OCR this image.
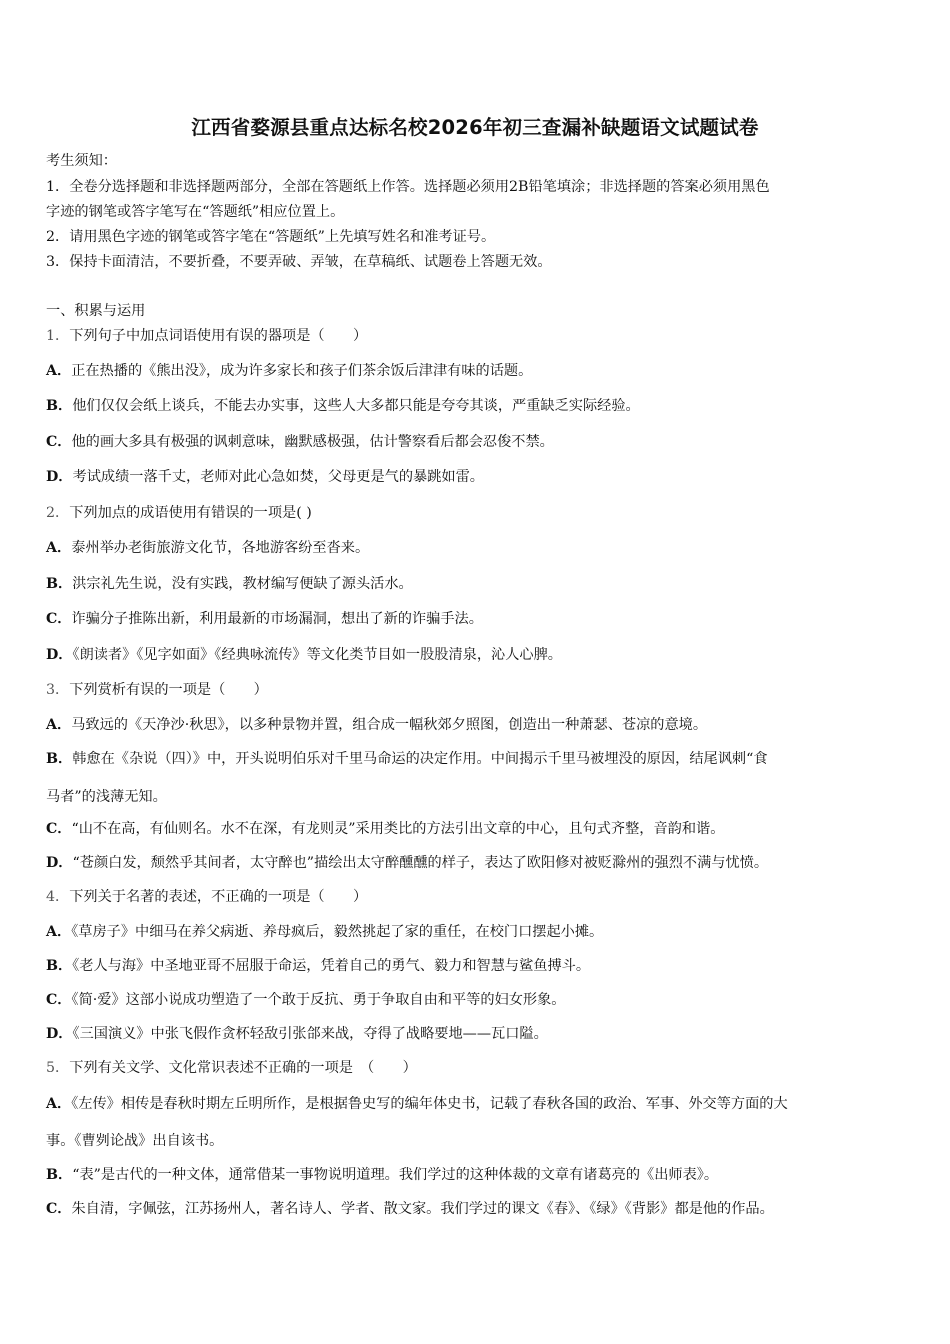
江西省婺源县重点达标名校2026年初三查漏补缺题语文试题试卷
考生须知：
1．全卷分选择题和非选择题两部分，全部在答题纸上作答。选择题必须用2B铅笔填涂；非选择题的答案必须用黑色
字迹的钢笔或答字笔写在“答题纸”相应位置上。
2．请用黑色字迹的钢笔或答字笔在“答题纸”上先填写姓名和准考证号。
3．保持卡面清洁，不要折叠，不要弄破、弄皱，在草稿纸、试题卷上答题无效。
一、积累与运用
1．下列句子中加点词语使用有误的器项是（　　）
A．正在热播的《熊出没》，成为许多家长和孩子们茶余饭后津津有味的话题。
B．他们仅仅会纸上谈兵，不能去办实事，这些人大多都只能是夸夸其谈，严重缺乏实际经验。
C．他的画大多具有极强的讽刺意味，幽默感极强，估计警察看后都会忍俊不禁。
D．考试成绩一落千丈，老师对此心急如焚，父母更是气的暴跳如雷。
2．下列加点的成语使用有错误的一项是( )
A．泰州举办老街旅游文化节，各地游客纷至沓来。
B．洪宗礼先生说，没有实践，教材编写便缺了源头活水。
C．诈骗分子推陈出新，利用最新的市场漏洞，想出了新的诈骗手法。
D．《朗读者》《见字如面》《经典咏流传》等文化类节目如一股股清泉，沁人心脾。
3．下列赏析有误的一项是（　　）
A．马致远的《天净沙·秋思》，以多种景物并置，组合成一幅秋郊夕照图，创造出一种萧瑟、苍凉的意境。
B．韩愈在《杂说（四）》中，开头说明伯乐对千里马命运的决定作用。中间揭示千里马被埋没的原因，结尾讽刺“食
马者”的浅薄无知。
C．“山不在高，有仙则名。水不在深，有龙则灵”采用类比的方法引出文章的中心，且句式齐整，音韵和谐。
D．“苍颜白发，颓然乎其间者，太守醉也”描绘出太守醉醺醺的样子，表达了欧阳修对被贬滁州的强烈不满与忧愤。
4．下列关于名著的表述，不正确的一项是（　　）
A．《草房子》中细马在养父病逝、养母疯后，毅然挑起了家的重任，在校门口摆起小摊。
B．《老人与海》中圣地亚哥不屈服于命运，凭着自己的勇气、毅力和智慧与鲨鱼搏斗。
C．《简·爱》这部小说成功塑造了一个敢于反抗、勇于争取自由和平等的妇女形象。
D．《三国演义》中张飞假作贪杯轻敌引张郃来战，夺得了战略要地——瓦口隘。
5．下列有关文学、文化常识表述不正确的一项是　（　　）
A．《左传》相传是春秋时期左丘明所作，是根据鲁史写的编年体史书，记载了春秋各国的政治、军事、外交等方面的大
事。《曹刿论战》出自该书。
B．“表”是古代的一种文体，通常借某一事物说明道理。我们学过的这种体裁的文章有诸葛亮的《出师表》。
C．朱自清，字佩弦，江苏扬州人，著名诗人、学者、散文家。我们学过的课文《春》、《绿》《背影》都是他的作品。
